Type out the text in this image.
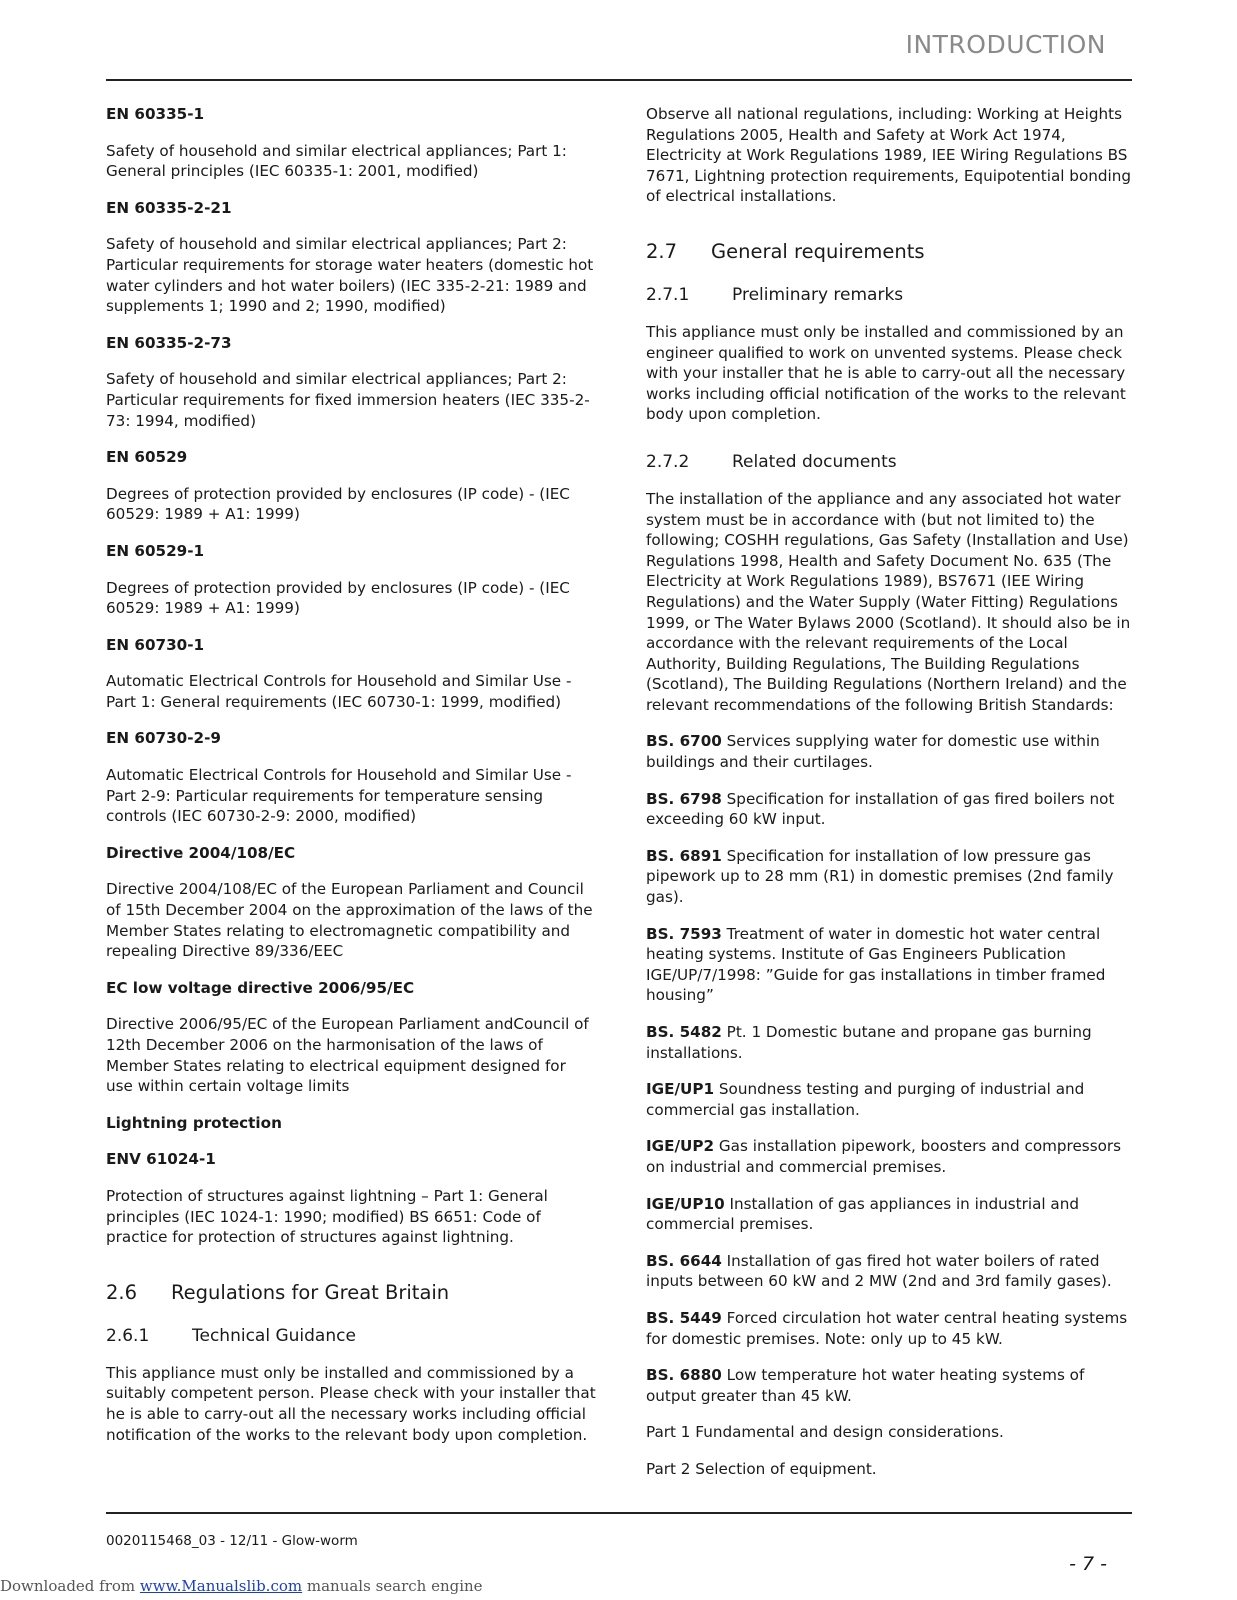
INTRODUCTION

EN 60335-1

Safety of household and similar electrical appliances; Part 1: General principles (IEC 60335-1: 2001, modified)

EN 60335-2-21

Safety of household and similar electrical appliances; Part 2: Particular requirements for storage water heaters (domestic hot water cylinders and hot water boilers) (IEC 335-2-21: 1989 and supplements 1; 1990 and 2; 1990, modified)

EN 60335-2-73

Safety of household and similar electrical appliances; Part 2: Particular requirements for fixed immersion heaters (IEC 335-2-73: 1994, modified)

EN 60529

Degrees of protection provided by enclosures (IP code) - (IEC 60529: 1989 + A1: 1999)

EN 60529-1

Degrees of protection provided by enclosures (IP code) - (IEC 60529: 1989 + A1: 1999)

EN 60730-1

Automatic Electrical Controls for Household and Similar Use - Part 1: General requirements (IEC 60730-1: 1999, modified)

EN 60730-2-9

Automatic Electrical Controls for Household and Similar Use - Part 2-9: Particular requirements for temperature sensing controls (IEC 60730-2-9: 2000, modified)

Directive 2004/108/EC

Directive 2004/108/EC of the European Parliament and Council of 15th December 2004 on the approximation of the laws of the Member States relating to electromagnetic compatibility and repealing Directive 89/336/EEC

EC low voltage directive 2006/95/EC

Directive 2006/95/EC of the European Parliament andCouncil of 12th December 2006 on the harmonisation of the laws of Member States relating to electrical equipment designed for use within certain voltage limits

Lightning protection

ENV 61024-1

Protection of structures against lightning – Part 1: General principles (IEC 1024-1: 1990; modified) BS 6651: Code of practice for protection of structures against lightning.

2.6	Regulations for Great Britain
2.6.1	Technical Guidance

This appliance must only be installed and commissioned by a suitably competent person. Please check with your installer that he is able to carry-out all the necessary works including official notification of the works to the relevant body upon completion.

Observe all national regulations, including: Working at Heights Regulations 2005, Health and Safety at Work Act 1974, Electricity at Work Regulations 1989, IEE Wiring Regulations BS 7671, Lightning protection requirements, Equipotential bonding of electrical installations.

2.7	General requirements
2.7.1	Preliminary remarks

This appliance must only be installed and commissioned by an engineer qualified to work on unvented systems. Please check with your installer that he is able to carry-out all the necessary works including official notification of the works to the relevant body upon completion.

2.7.2	Related documents

The installation of the appliance and any associated hot water system must be in accordance with (but not limited to) the following; COSHH regulations, Gas Safety (Installation and Use) Regulations 1998, Health and Safety Document No. 635 (The Electricity at Work Regulations 1989), BS7671 (IEE Wiring Regulations) and the Water Supply (Water Fitting) Regulations 1999, or The Water Bylaws 2000 (Scotland). It should also be in accordance with the relevant requirements of the Local Authority, Building Regulations, The Building Regulations (Scotland), The Building Regulations (Northern Ireland) and the relevant recommendations of the following British Standards:

BS. 6700 Services supplying water for domestic use within buildings and their curtilages.

BS. 6798 Specification for installation of gas fired boilers not exceeding 60 kW input.

BS. 6891 Specification for installation of low pressure gas pipework up to 28 mm (R1) in domestic premises (2nd family gas).

BS. 7593 Treatment of water in domestic hot water central heating systems. Institute of Gas Engineers Publication IGE/UP/7/1998: ”Guide for gas installations in timber framed housing”

BS. 5482 Pt. 1 Domestic butane and propane gas burning installations.

IGE/UP1 Soundness testing and purging of industrial and commercial gas installation.

IGE/UP2 Gas installation pipework, boosters and compressors on industrial and commercial premises.

IGE/UP10 Installation of gas appliances in industrial and commercial premises.

BS. 6644 Installation of gas fired hot water boilers of rated inputs between 60 kW and 2 MW (2nd and 3rd family gases).

BS. 5449 Forced circulation hot water central heating systems for domestic premises. Note: only up to 45 kW.

BS. 6880 Low temperature hot water heating systems of output greater than 45 kW.

Part 1 Fundamental and design considerations.

Part 2 Selection of equipment.

0020115468_03 - 12/11 - Glow-worm
- 7 -
Downloaded from www.Manualslib.com manuals search engine
